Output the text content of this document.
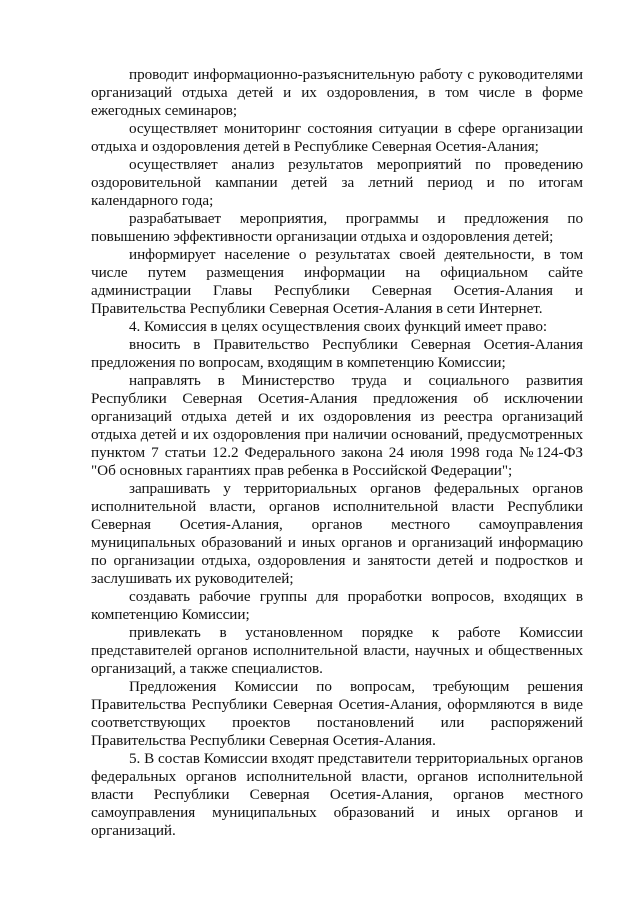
проводит информационно-разъяснительную работу с руководителями организаций отдыха детей и их оздоровления, в том числе в форме ежегодных семинаров;

осуществляет мониторинг состояния ситуации в сфере организации отдыха и оздоровления детей в Республике Северная Осетия-Алания;

осуществляет анализ результатов мероприятий по проведению оздоровительной кампании детей за летний период и по итогам календарного года;

разрабатывает мероприятия, программы и предложения по повышению эффективности организации отдыха и оздоровления детей;

информирует население о результатах своей деятельности, в том числе путем размещения информации на официальном сайте администрации Главы Республики Северная Осетия-Алания и Правительства Республики Северная Осетия-Алания в сети Интернет.

4. Комиссия в целях осуществления своих функций имеет право:

вносить в Правительство Республики Северная Осетия-Алания предложения по вопросам, входящим в компетенцию Комиссии;

направлять в Министерство труда и социального развития Республики Северная Осетия-Алания предложения об исключении организаций отдыха детей и их оздоровления из реестра организаций отдыха детей и их оздоровления при наличии оснований, предусмотренных пунктом 7 статьи 12.2 Федерального закона 24 июля 1998 года №124-ФЗ "Об основных гарантиях прав ребенка в Российской Федерации";

запрашивать у территориальных органов федеральных органов исполнительной власти, органов исполнительной власти Республики Северная Осетия-Алания, органов местного самоуправления муниципальных образований и иных органов и организаций информацию по организации отдыха, оздоровления и занятости детей и подростков и заслушивать их руководителей;

создавать рабочие группы для проработки вопросов, входящих в компетенцию Комиссии;

привлекать в установленном порядке к работе Комиссии представителей органов исполнительной власти, научных и общественных организаций, а также специалистов.

Предложения Комиссии по вопросам, требующим решения Правительства Республики Северная Осетия-Алания, оформляются в виде соответствующих проектов постановлений или распоряжений Правительства Республики Северная Осетия-Алания.

5. В состав Комиссии входят представители территориальных органов федеральных органов исполнительной власти, органов исполнительной власти Республики Северная Осетия-Алания, органов местного самоуправления муниципальных образований и иных органов и организаций.
